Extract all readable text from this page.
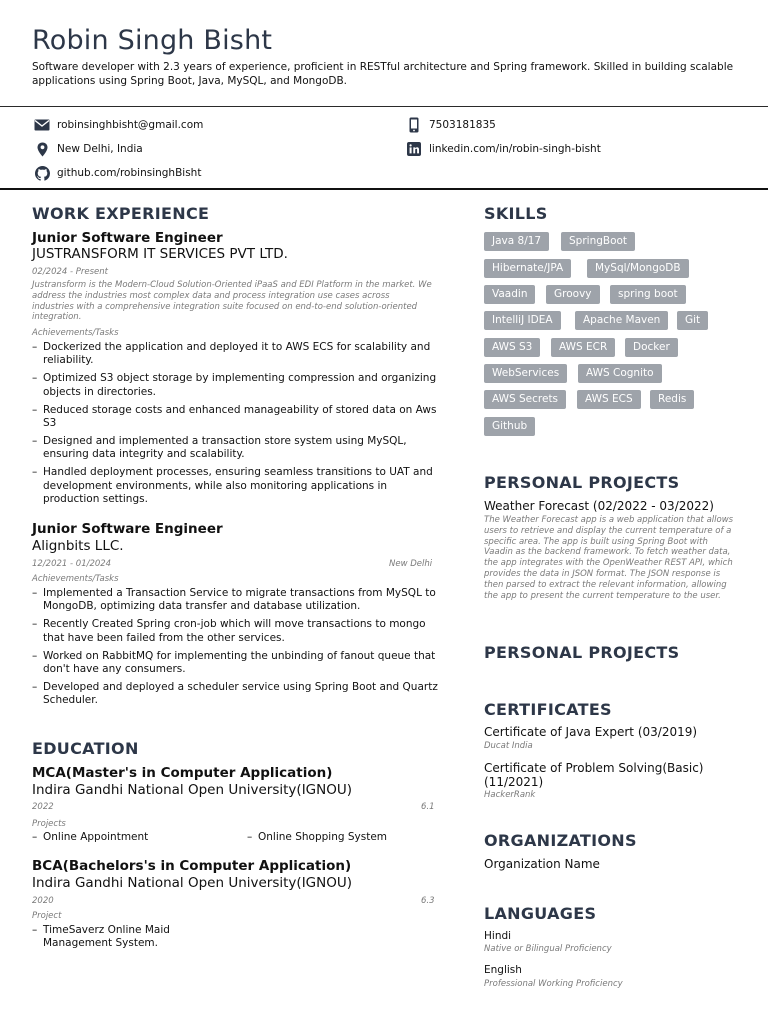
Robin Singh Bisht
Software developer with 2.3 years of experience, proficient in RESTful architecture and Spring framework. Skilled in building scalable applications using Spring Boot, Java, MySQL, and MongoDB.
robinsinghbisht@gmail.com	7503181835
New Delhi, India	linkedin.com/in/robin-singh-bisht
github.com/robinsinghBisht
WORK EXPERIENCE
Junior Software Engineer
JUSTRANSFORM IT SERVICES PVT LTD.
02/2024 - Present
Justransform is the Modern-Cloud Solution-Oriented iPaaS and EDI Platform in the market. We address the industries most complex data and process integration use cases across industries with a comprehensive integration suite focused on end-to-end solution-oriented integration.
Achievements/Tasks
– Dockerized the application and deployed it to AWS ECS for scalability and reliability.
– Optimized S3 object storage by implementing compression and organizing objects in directories.
– Reduced storage costs and enhanced manageability of stored data on Aws S3
– Designed and implemented a transaction store system using MySQL, ensuring data integrity and scalability.
– Handled deployment processes, ensuring seamless transitions to UAT and development environments, while also monitoring applications in production settings.
Junior Software Engineer
Alignbits LLC.
12/2021 - 01/2024	New Delhi
Achievements/Tasks
– Implemented a Transaction Service to migrate transactions from MySQL to MongoDB, optimizing data transfer and database utilization.
– Recently Created Spring cron-job which will move transactions to mongo that have been failed from the other services.
– Worked on RabbitMQ for implementing the unbinding of fanout queue that don't have any consumers.
– Developed and deployed a scheduler service using Spring Boot and Quartz Scheduler.
EDUCATION
MCA(Master's in Computer Application)
Indira Gandhi National Open University(IGNOU)
2022	6.1
Projects
– Online Appointment
–	Online Shopping System
BCA(Bachelors's in Computer Application)
Indira Gandhi National Open University(IGNOU)
2020	6.3
Project
– TimeSaverz Online Maid Management System.
SKILLS
Java 8/17	SpringBoot
Hibernate/JPA	MySql/MongoDB
Vaadin	Groovy	spring boot
IntelliJ IDEA	Apache Maven	Git
AWS S3	AWS ECR	Docker
WebServices	AWS Cognito
AWS Secrets	AWS ECS	Redis
Github
PERSONAL PROJECTS
Weather Forecast (02/2022 - 03/2022)
The Weather Forecast app is a web application that allows users to retrieve and display the current temperature of a specific area. The app is built using Spring Boot with Vaadin as the backend framework. To fetch weather data, the app integrates with the OpenWeather REST API, which provides the data in JSON format. The JSON response is then parsed to extract the relevant information, allowing the app to present the current temperature to the user.
PERSONAL PROJECTS
CERTIFICATES
Certificate of Java Expert (03/2019)
Ducat India
Certificate of Problem Solving(Basic) (11/2021)
HackerRank
ORGANIZATIONS
Organization Name
LANGUAGES
Hindi
Native or Bilingual Proficiency
English
Professional Working Proficiency
